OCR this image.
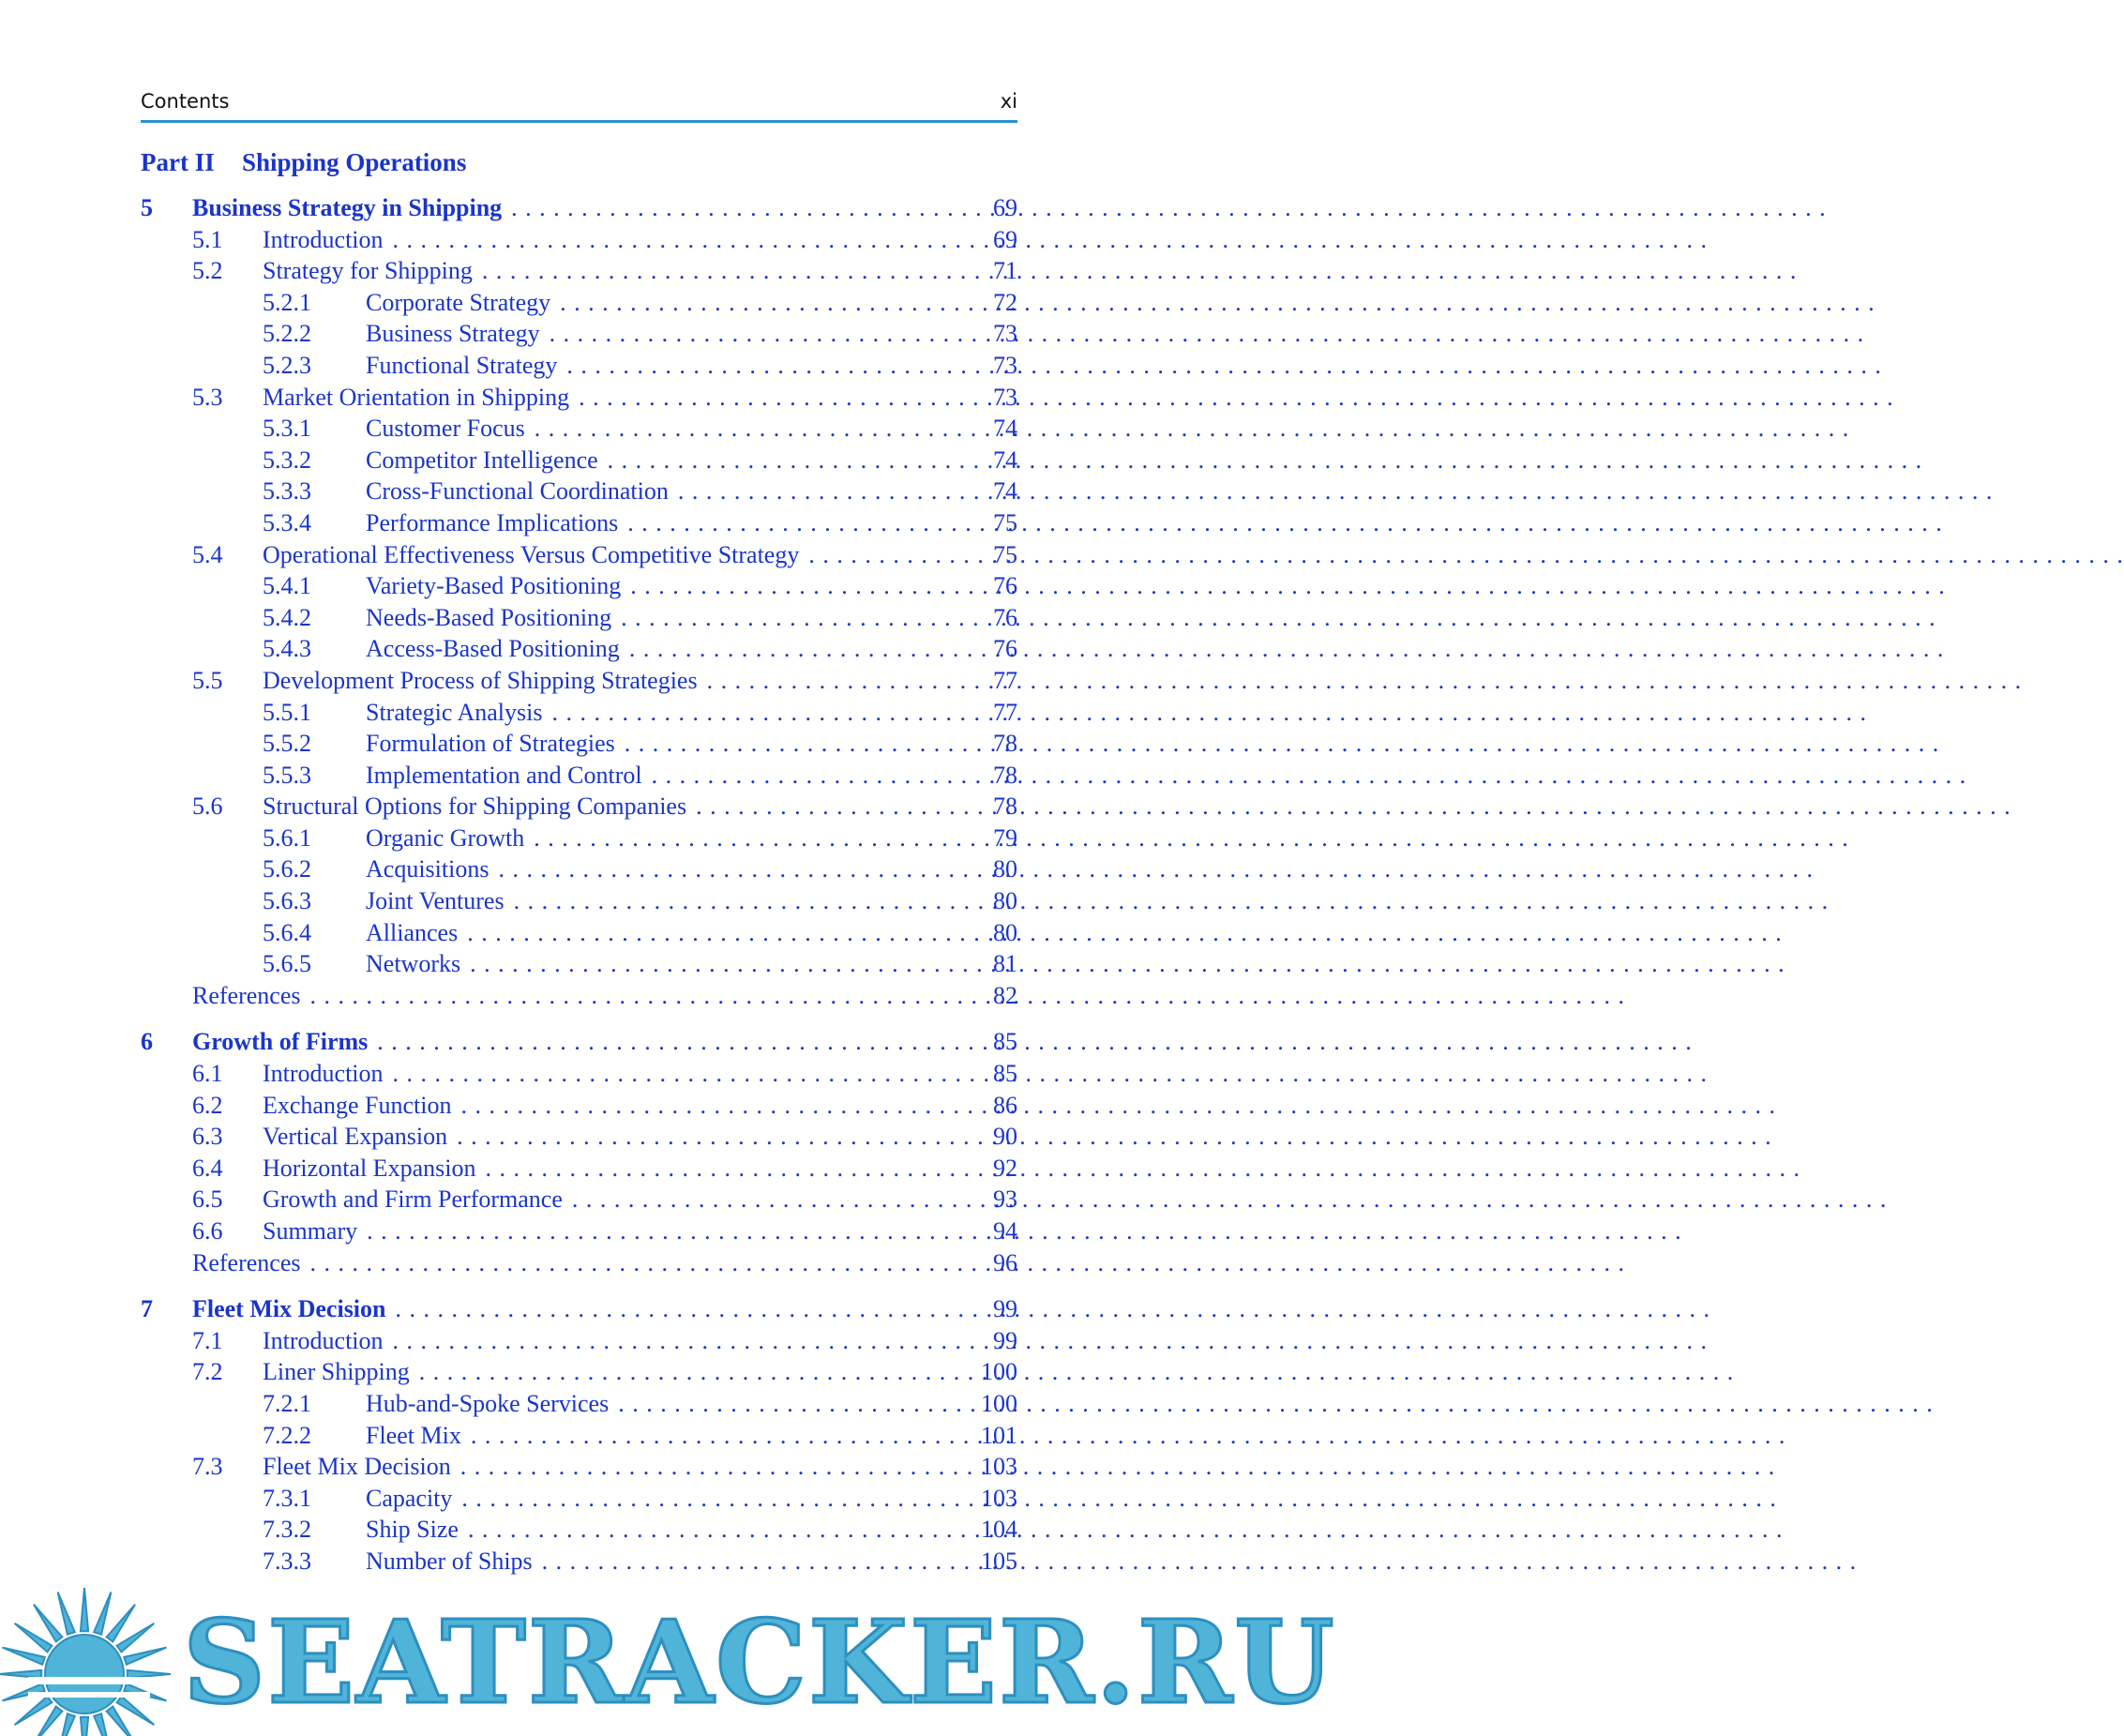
Contents	xi
Part II Shipping Operations
5 Business Strategy in Shipping . . .	69
5.1 Introduction . . .	69
5.2 Strategy for Shipping . . .	71
5.2.1 Corporate Strategy . . .	72
5.2.2 Business Strategy . . .	73
5.2.3 Functional Strategy . . .	73
5.3 Market Orientation in Shipping . . .	73
5.3.1 Customer Focus . . .	74
5.3.2 Competitor Intelligence . . .	74
5.3.3 Cross-Functional Coordination . . .	74
5.3.4 Performance Implications . . .	75
5.4 Operational Effectiveness Versus Competitive Strategy . . .	75
5.4.1 Variety-Based Positioning . . .	76
5.4.2 Needs-Based Positioning . . .	76
5.4.3 Access-Based Positioning . . .	76
5.5 Development Process of Shipping Strategies . . .	77
5.5.1 Strategic Analysis . . .	77
5.5.2 Formulation of Strategies . . .	78
5.5.3 Implementation and Control . . .	78
5.6 Structural Options for Shipping Companies . . .	78
5.6.1 Organic Growth . . .	79
5.6.2 Acquisitions . . .	80
5.6.3 Joint Ventures . . .	80
5.6.4 Alliances . . .	80
5.6.5 Networks . . .	81
References . . .	82
6 Growth of Firms . . .	85
6.1 Introduction . . .	85
6.2 Exchange Function . . .	86
6.3 Vertical Expansion . . .	90
6.4 Horizontal Expansion . . .	92
6.5 Growth and Firm Performance . . .	93
6.6 Summary . . .	94
References . . .	96
7 Fleet Mix Decision . . .	99
7.1 Introduction . . .	99
7.2 Liner Shipping . . .	100
7.2.1 Hub-and-Spoke Services . . .	100
7.2.2 Fleet Mix . . .	101
7.3 Fleet Mix Decision . . .	103
7.3.1 Capacity . . .	103
7.3.2 Ship Size . . .	104
7.3.3 Number of Ships . . .	105
SEATRACKER.RU
